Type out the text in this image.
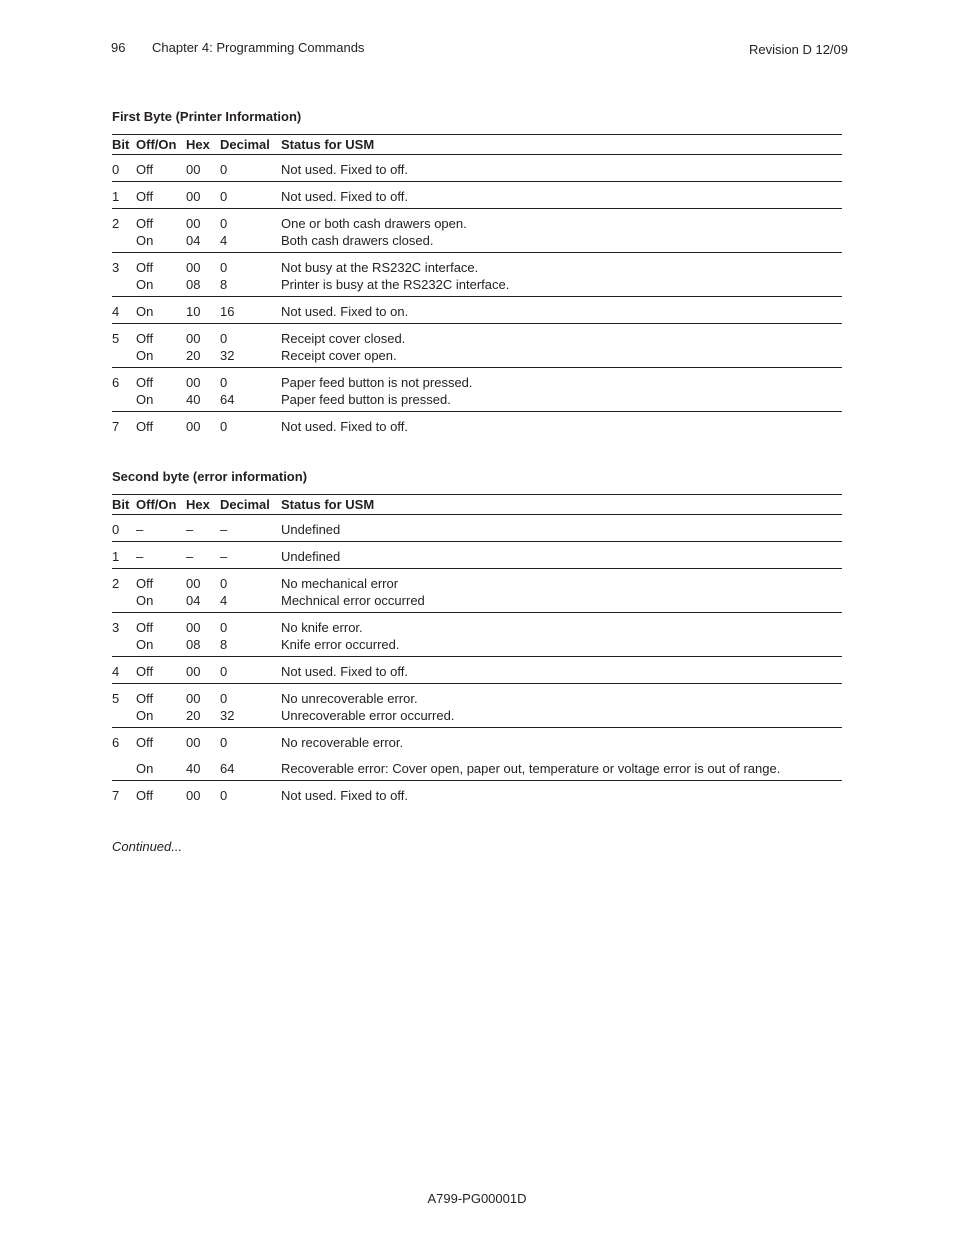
96 Chapter 4: Programming Commands	Revision D 12/09

First Byte (Printer Information)

Bit	Off/On	Hex	Decimal	Status for USM
0	Off	00	0	Not used. Fixed to off.
1	Off	00	0	Not used. Fixed to off.
2	Off	00	0	One or both cash drawers open.
	On	04	4	Both cash drawers closed.
3	Off	00	0	Not busy at the RS232C interface.
	On	08	8	Printer is busy at the RS232C interface.
4	On	10	16	Not used. Fixed to on.
5	Off	00	0	Receipt cover closed.
	On	20	32	Receipt cover open.
6	Off	00	0	Paper feed button is not pressed.
	On	40	64	Paper feed button is pressed.
7	Off	00	0	Not used. Fixed to off.

Second byte (error information)

Bit	Off/On	Hex	Decimal	Status for USM
0	–	–	–	Undefined
1	–	–	–	Undefined
2	Off	00	0	No mechanical error
	On	04	4	Mechnical error occurred
3	Off	00	0	No knife error.
	On	08	8	Knife error occurred.
4	Off	00	0	Not used. Fixed to off.
5	Off	00	0	No unrecoverable error.
	On	20	32	Unrecoverable error occurred.
6	Off	00	0	No recoverable error.
	On	40	64	Recoverable error: Cover open, paper out, temperature or voltage error is out of range.
7	Off	00	0	Not used. Fixed to off.
Continued...
A799-PG00001D
